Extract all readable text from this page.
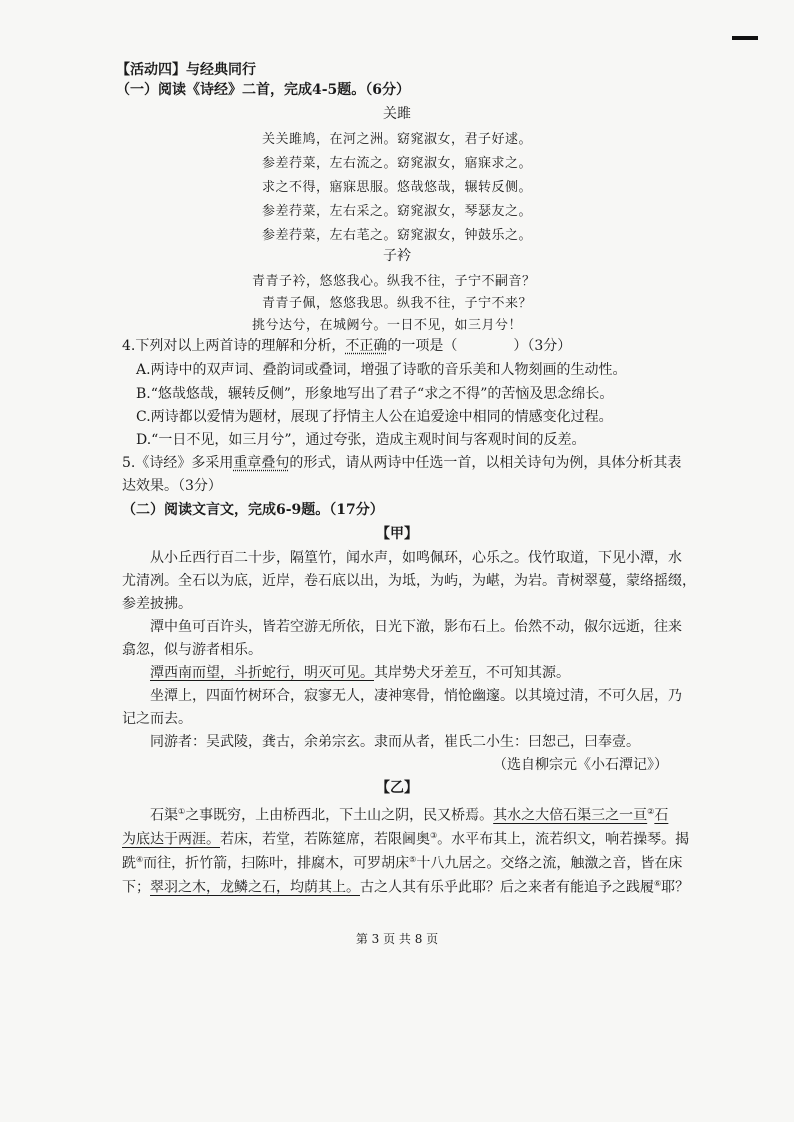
【活动四】与经典同行
（一）阅读《诗经》二首，完成4-5题。（6分）
关雎
关关雎鸠，在河之洲。窈窕淑女，君子好逑。
参差荇菜，左右流之。窈窕淑女，寤寐求之。
求之不得，寤寐思服。悠哉悠哉，辗转反侧。
参差荇菜，左右采之。窈窕淑女，琴瑟友之。
参差荇菜，左右芼之。窈窕淑女，钟鼓乐之。
子衿
青青子衿，悠悠我心。纵我不往，子宁不嗣音？
青青子佩，悠悠我思。纵我不往，子宁不来？
挑兮达兮，在城阙兮。一日不见，如三月兮！
4.下列对以上两首诗的理解和分析，不正确的一项是（	）（3分）
A.两诗中的双声词、叠韵词或叠词，增强了诗歌的音乐美和人物刻画的生动性。
B.“悠哉悠哉，辗转反侧”，形象地写出了君子“求之不得”的苦恼及思念绵长。
C.两诗都以爱情为题材，展现了抒情主人公在追爱途中相同的情感变化过程。
D.“一日不见，如三月兮”，通过夸张，造成主观时间与客观时间的反差。
5.《诗经》多采用重章叠句的形式，请从两诗中任选一首，以相关诗句为例，具体分析其表
达效果。（3分）
（二）阅读文言文，完成6-9题。（17分）
【甲】
从小丘西行百二十步，隔篁竹，闻水声，如鸣佩环，心乐之。伐竹取道，下见小潭，水
尤清冽。全石以为底，近岸，卷石底以出，为坻，为屿，为嵁，为岩。青树翠蔓，蒙络摇缀，
参差披拂。
潭中鱼可百许头，皆若空游无所依，日光下澈，影布石上。佁然不动，俶尔远逝，往来
翕忽，似与游者相乐。
潭西南而望，斗折蛇行，明灭可见。其岸势犬牙差互，不可知其源。
坐潭上，四面竹树环合，寂寥无人，凄神寒骨，悄怆幽邃。以其境过清，不可久居，乃
记之而去。
同游者：吴武陵，龚古，余弟宗玄。隶而从者，崔氏二小生：曰恕己，曰奉壹。
（选自柳宗元《小石潭记》）
【乙】
石渠①之事既穷，上由桥西北，下土山之阴，民又桥焉。其水之大倍石渠三之一亘②石
为底达于两涯。若床，若堂，若陈筵席，若限阃奥③。水平布其上，流若织文，响若操琴。揭
跣④而往，折竹箭，扫陈叶，排腐木，可罗胡床⑤十八九居之。交络之流，触激之音，皆在床
下；翠羽之木，龙鳞之石，均荫其上。古之人其有乐乎此耶？后之来者有能追予之践履⑥耶？
第 3 页 共 8 页
